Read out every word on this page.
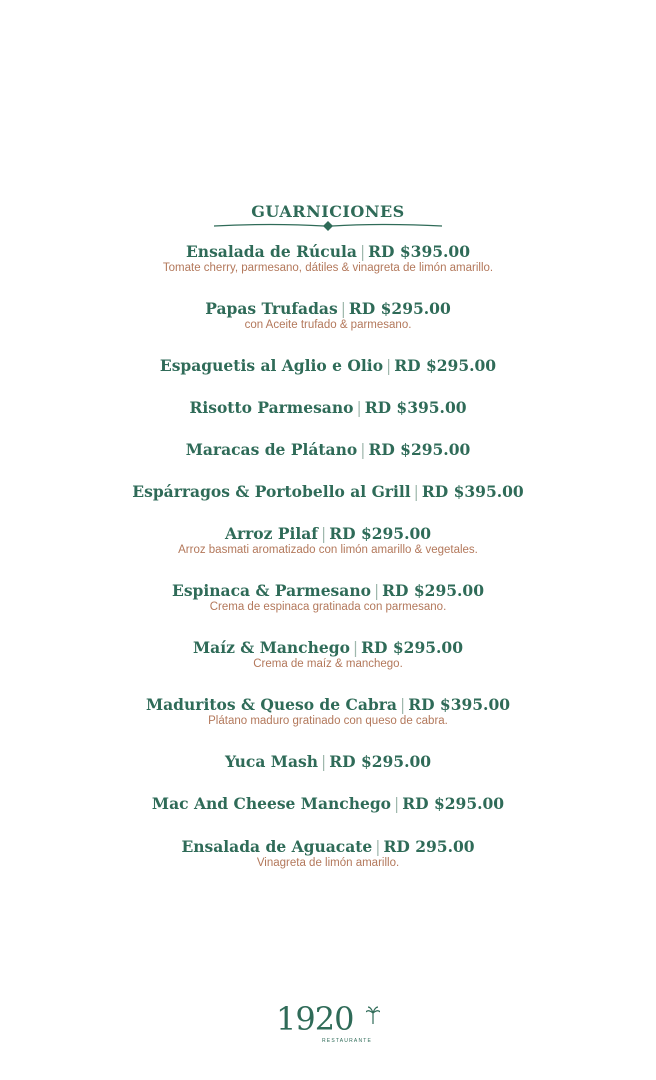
GUARNICIONES
Ensalada de Rúcula | RD $395.00
Tomate cherry, parmesano, dátiles & vinagreta de limón amarillo.
Papas Trufadas | RD $295.00
con Aceite trufado & parmesano.
Espaguetis al Aglio e Olio | RD $295.00
Risotto Parmesano | RD $395.00
Maracas de Plátano | RD $295.00
Espárragos & Portobello al Grill | RD $395.00
Arroz Pilaf | RD $295.00
Arroz basmati aromatizado con limón amarillo & vegetales.
Espinaca & Parmesano | RD $295.00
Crema de espinaca gratinada con parmesano.
Maíz & Manchego | RD $295.00
Crema de maíz & manchego.
Maduritos & Queso de Cabra | RD $395.00
Plátano maduro gratinado con queso de cabra.
Yuca Mash | RD $295.00
Mac And Cheese Manchego | RD $295.00
Ensalada de Aguacate | RD 295.00
Vinagreta de limón amarillo.
1920
RESTAURANTE
